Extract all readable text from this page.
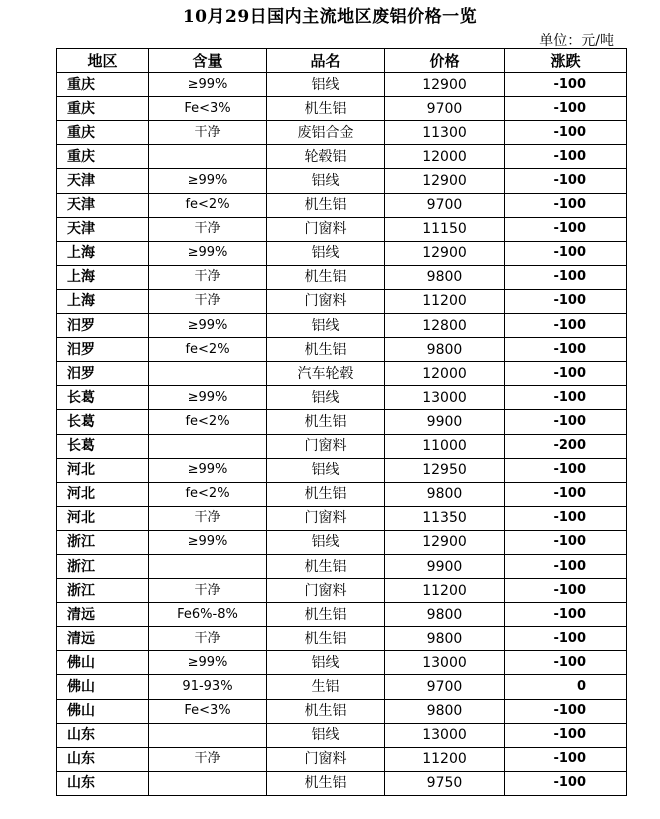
10月29日国内主流地区废铝价格一览
单位：元/吨
地区	含量	品名	价格	涨跌
重庆	≥99%	铝线	12900	-100
重庆	Fe<3%	机生铝	9700	-100
重庆	干净	废铝合金	11300	-100
重庆		轮毂铝	12000	-100
天津	≥99%	铝线	12900	-100
天津	fe<2%	机生铝	9700	-100
天津	干净	门窗料	11150	-100
上海	≥99%	铝线	12900	-100
上海	干净	机生铝	9800	-100
上海	干净	门窗料	11200	-100
汨罗	≥99%	铝线	12800	-100
汨罗	fe<2%	机生铝	9800	-100
汨罗		汽车轮毂	12000	-100
长葛	≥99%	铝线	13000	-100
长葛	fe<2%	机生铝	9900	-100
长葛		门窗料	11000	-200
河北	≥99%	铝线	12950	-100
河北	fe<2%	机生铝	9800	-100
河北	干净	门窗料	11350	-100
浙江	≥99%	铝线	12900	-100
浙江		机生铝	9900	-100
浙江	干净	门窗料	11200	-100
清远	Fe6%-8%	机生铝	9800	-100
清远	干净	机生铝	9800	-100
佛山	≥99%	铝线	13000	-100
佛山	91-93%	生铝	9700	0
佛山	Fe<3%	机生铝	9800	-100
山东		铝线	13000	-100
山东	干净	门窗料	11200	-100
山东		机生铝	9750	-100
